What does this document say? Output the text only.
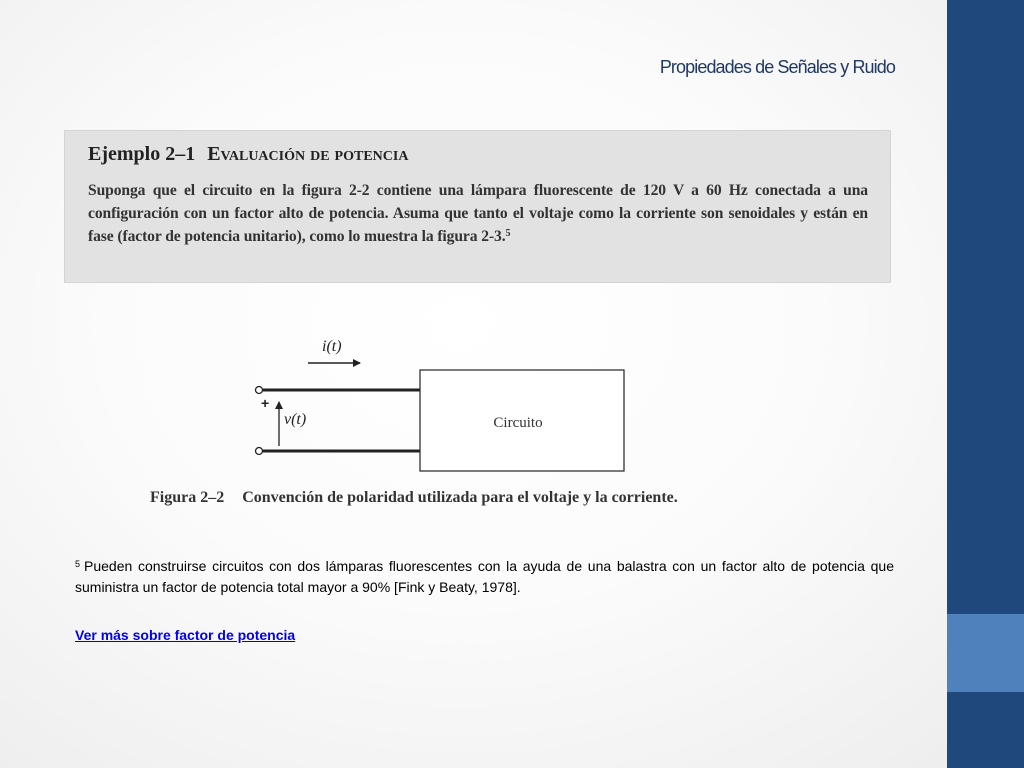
Propiedades de Señales y Ruido
Ejemplo 2–1 Evaluación de potencia

Suponga que el circuito en la figura 2-2 contiene una lámpara fluorescente de 120 V a 60 Hz conectada a una configuración con un factor alto de potencia. Asuma que tanto el voltaje como la corriente son senoidales y están en fase (factor de potencia unitario), como lo muestra la figura 2-3.$^5$

i(t)
+
v(t)	Circuito

Figura 2–2 Convención de polaridad utilizada para el voltaje y la corriente.

$^5$ Pueden construirse circuitos con dos lámparas fluorescentes con la ayuda de una balastra con un factor alto de potencia que suministra un factor de potencia total mayor a 90% [Fink y Beaty, 1978].

Ver más sobre factor de potencia
